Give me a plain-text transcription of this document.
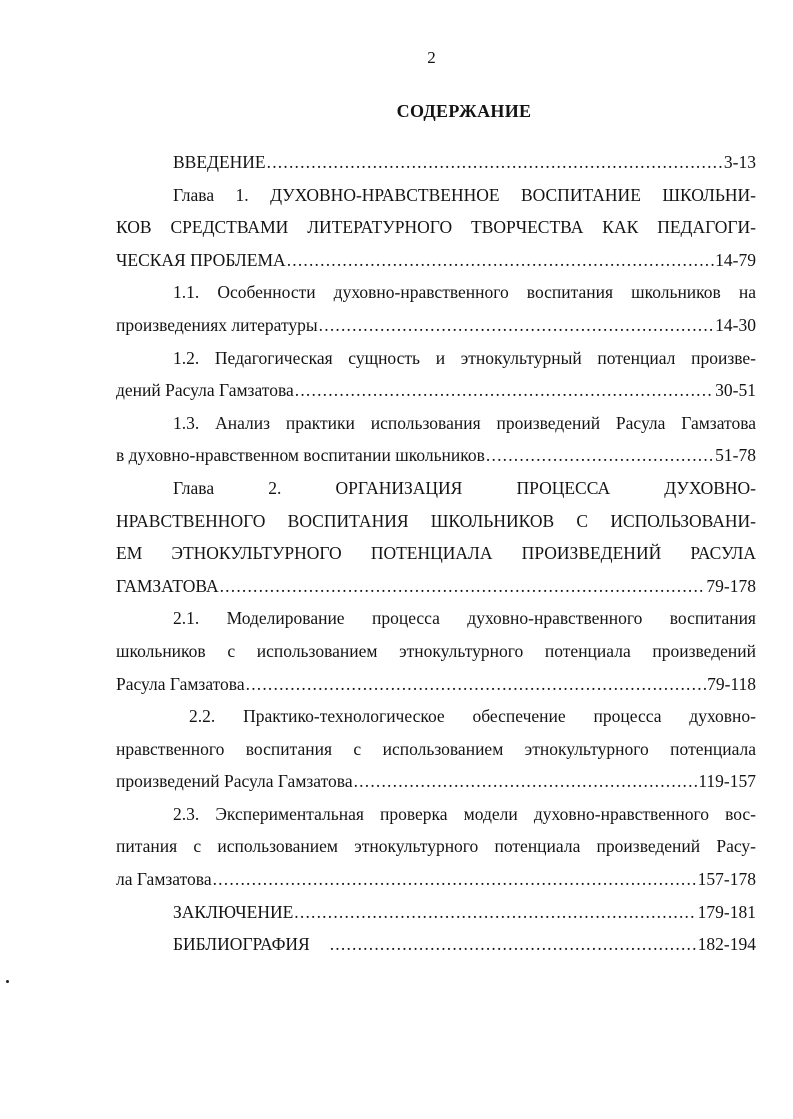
2
СОДЕРЖАНИЕ
ВВЕДЕНИЕ .....	3-13
Глава 1. ДУХОВНО-НРАВСТВЕННОЕ ВОСПИТАНИЕ ШКОЛЬНИ-
КОВ СРЕДСТВАМИ ЛИТЕРАТУРНОГО ТВОРЧЕСТВА КАК ПЕДАГОГИ-
ЧЕСКАЯ ПРОБЛЕМА .....	14-79
1.1. Особенности духовно-нравственного воспитания школьников на
произведениях литературы .....	14-30
1.2. Педагогическая сущность и этнокультурный потенциал произве-
дений Расула Гамзатова .....	30-51
1.3. Анализ практики использования произведений Расула Гамзатова
в духовно-нравственном воспитании школьников .....	51-78
Глава 2. ОРГАНИЗАЦИЯ ПРОЦЕССА ДУХОВНО-
НРАВСТВЕННОГО ВОСПИТАНИЯ ШКОЛЬНИКОВ С ИСПОЛЬЗОВАНИ-
ЕМ ЭТНОКУЛЬТУРНОГО ПОТЕНЦИАЛА ПРОИЗВЕДЕНИЙ РАСУЛА
ГАМЗАТОВА .....	79-178
2.1. Моделирование процесса духовно-нравственного воспитания
школьников с использованием этнокультурного потенциала произведений
Расула Гамзатова .....	79-118
2.2. Практико-технологическое обеспечение процесса духовно-
нравственного воспитания с использованием этнокультурного потенциала
произведений Расула Гамзатова .....	119-157
2.3. Экспериментальная проверка модели духовно-нравственного вос-
питания с использованием этнокультурного потенциала произведений Расу-
ла Гамзатова .....	157-178
ЗАКЛЮЧЕНИЕ .....	179-181
БИБЛИОГРАФИЯ .....	182-194
